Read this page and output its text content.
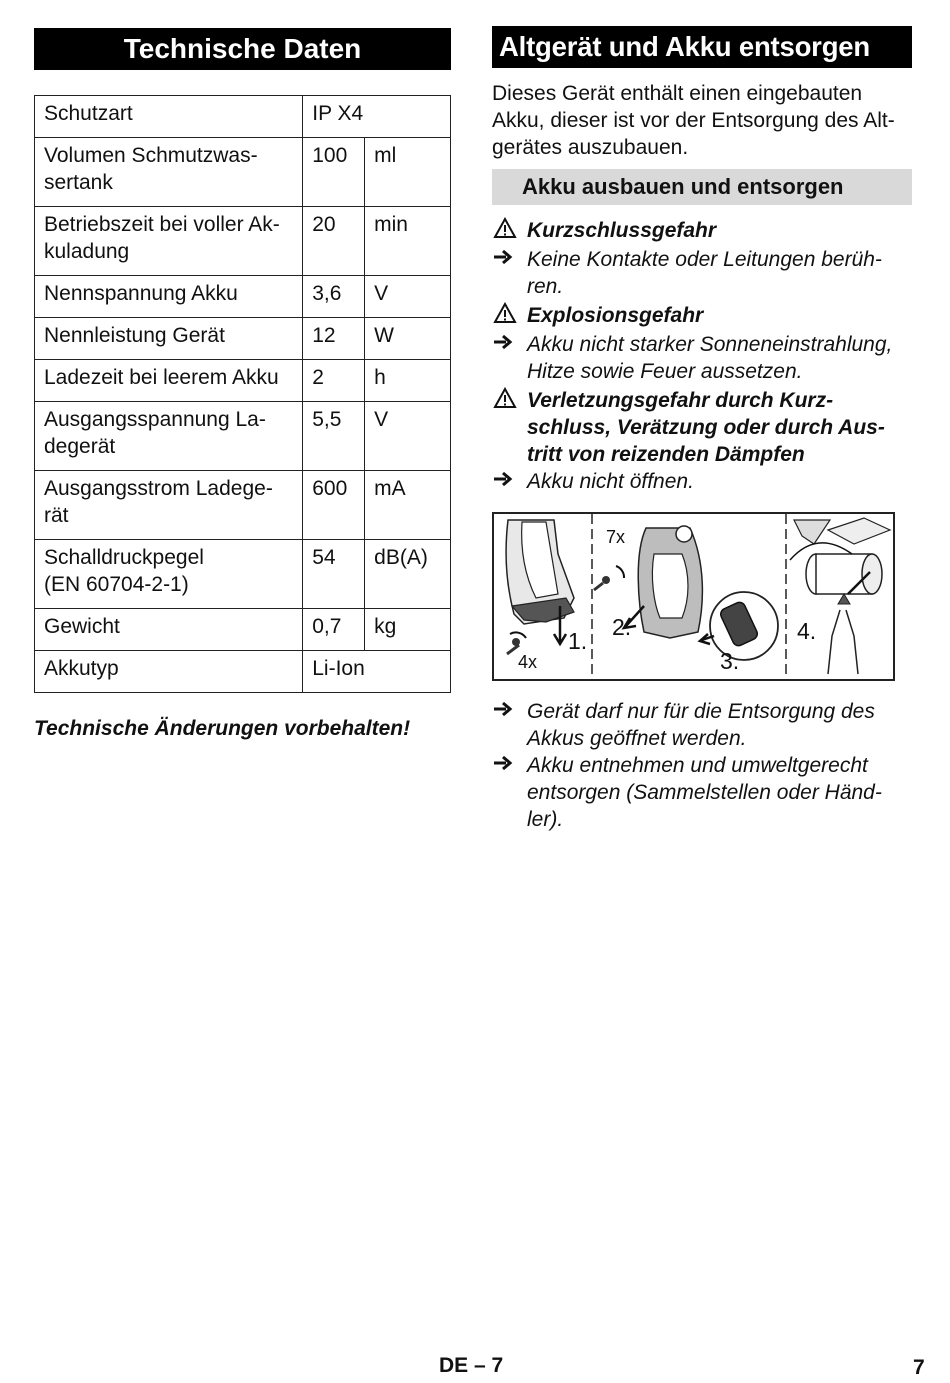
Technische Daten
Schutzart	IP X4	
Volumen Schmutzwas-
sertank	100	ml
Betriebszeit bei voller Ak-
kuladung	20	min
Nennspannung Akku	3,6	V
Nennleistung Gerät	12	W
Ladezeit bei leerem Akku	2	h
Ausgangsspannung La-
degerät	5,5	V
Ausgangsstrom Ladege-
rät	600	mA
Schalldruckpegel
(EN 60704-2-1)	54	dB(A)
Gewicht	0,7	kg
Akkutyp	Li-Ion	
Technische Änderungen vorbehalten!
Altgerät und Akku entsorgen
Dieses Gerät enthält einen eingebauten Akku, dieser ist vor der Entsorgung des Alt-gerätes auszubauen.
Akku ausbauen und entsorgen
Kurzschlussgefahr
Keine Kontakte oder Leitungen berüh-ren.
Explosionsgefahr
Akku nicht starker Sonneneinstrahlung, Hitze sowie Feuer aussetzen.
Verletzungsgefahr durch Kurz-schluss, Verätzung oder durch Aus-tritt von reizenden Dämpfen
Akku nicht öffnen.
4x
7x
1.
2.
3.
4.
Gerät darf nur für die Entsorgung des Akkus geöffnet werden.
Akku entnehmen und umweltgerecht entsorgen (Sammelstellen oder Händ-ler).
DE – 7	7
